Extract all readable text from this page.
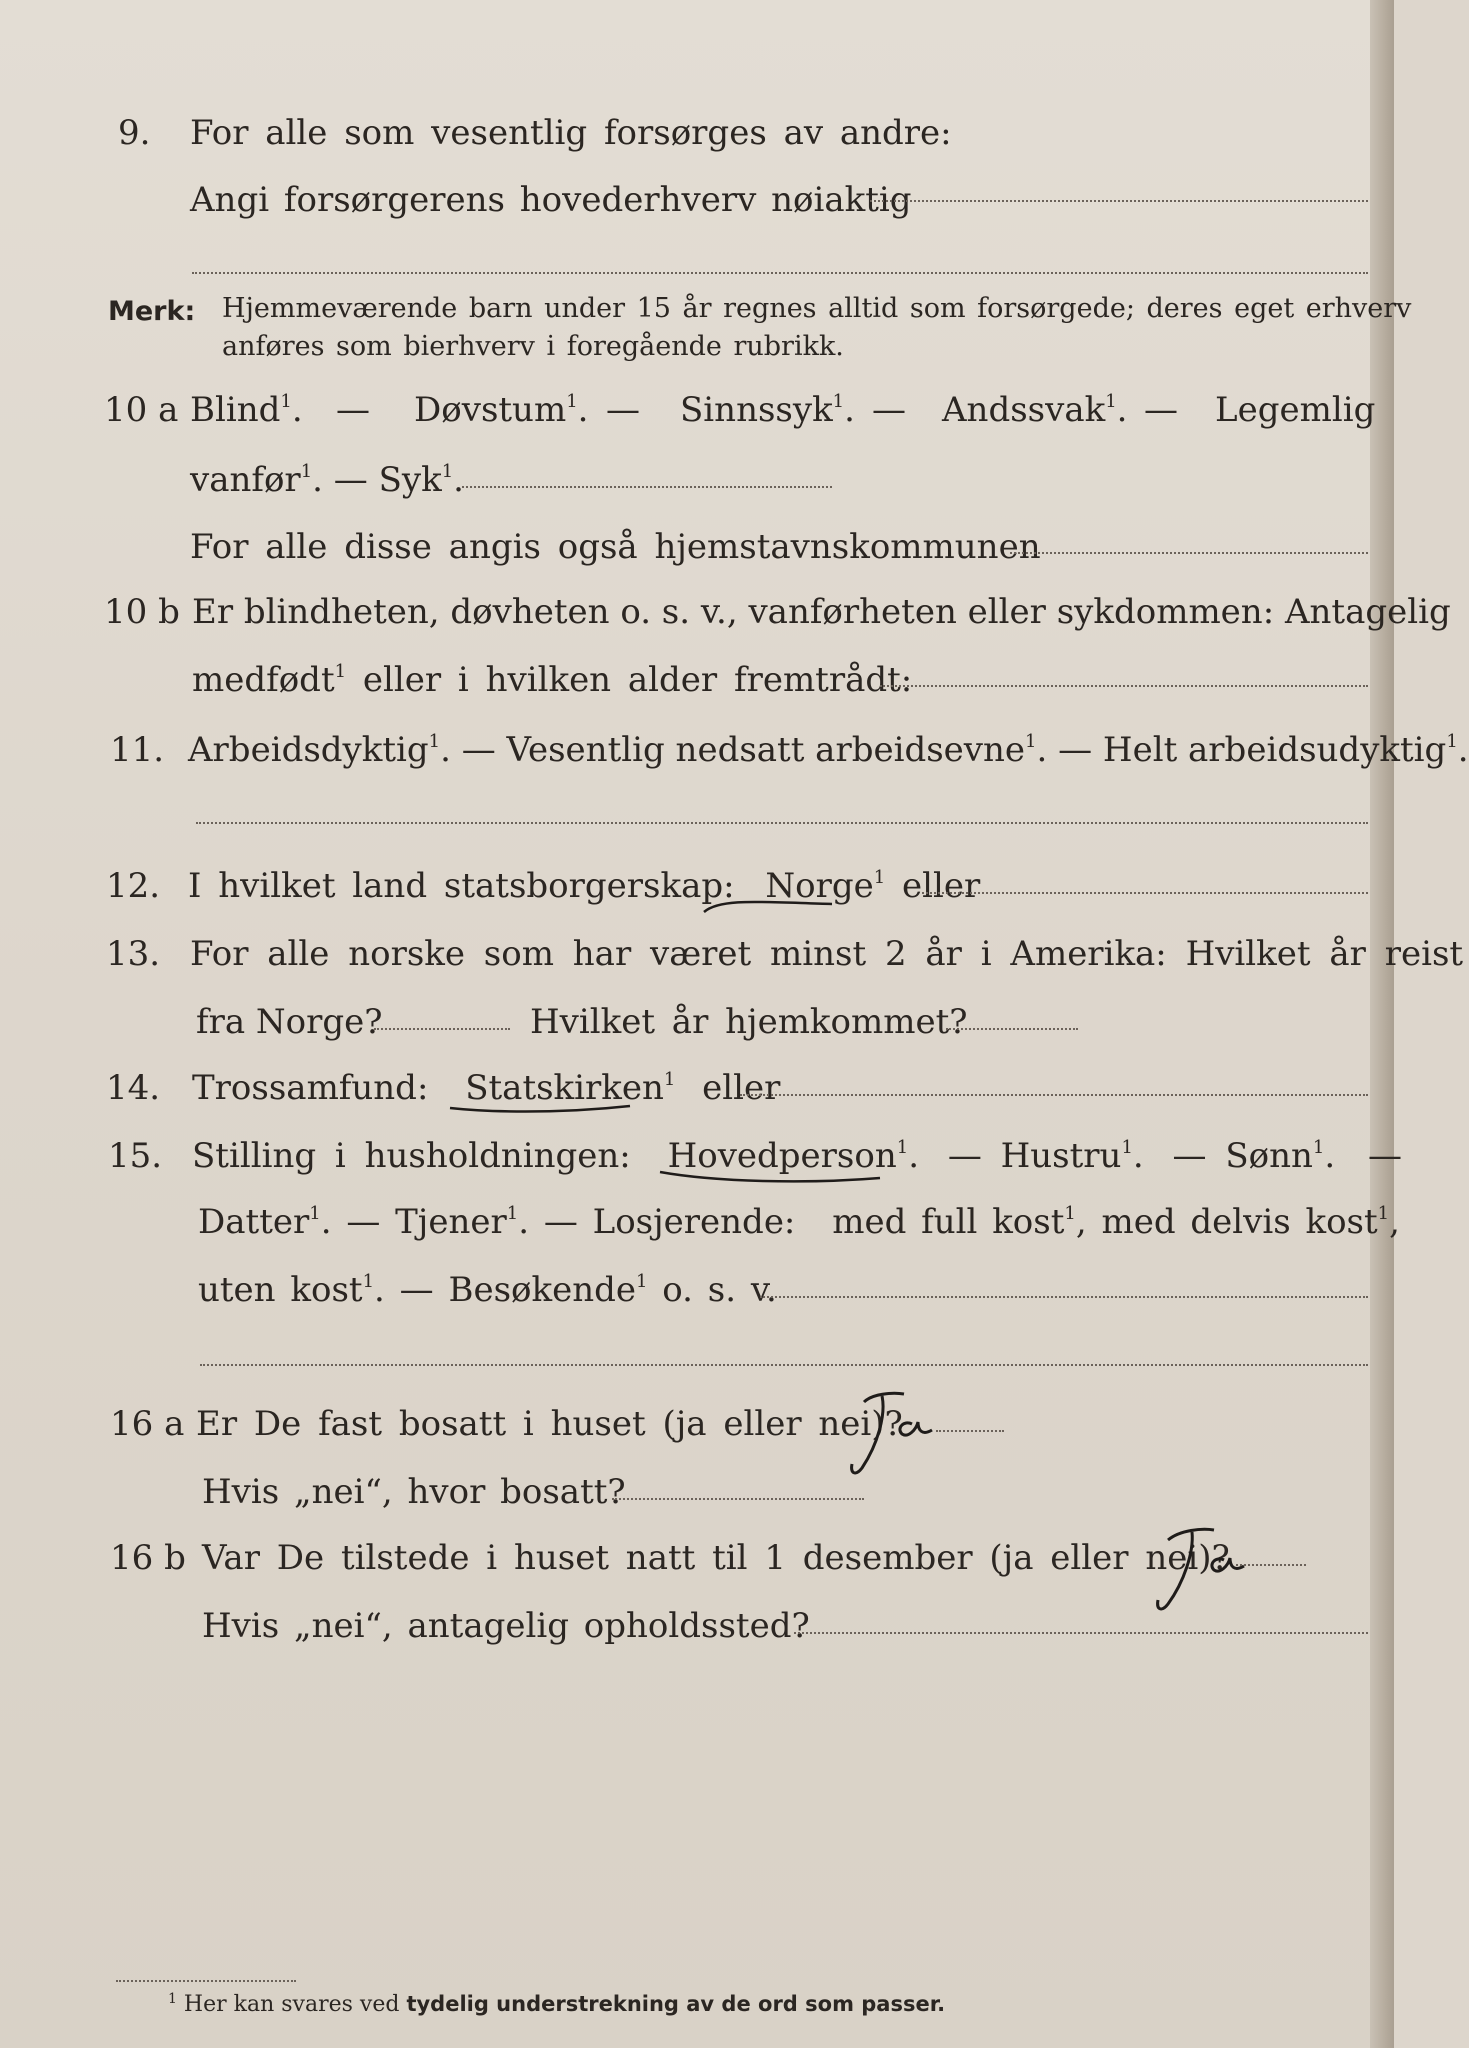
9. For alle som vesentlig forsørges av andre:
Angi forsørgerens hovederhverv nøiaktig
Merk: Hjemmeværende barn under 15 år regnes alltid som forsørgede; deres eget erhverv
anføres som bierhverv i foregående rubrikk.
10 a Blind$^1$. — Døvstum$^1$. — Sinnssyk$^1$. — Andssvak$^1$. — Legemlig
vanfør$^1$. — Syk$^1$.
For alle disse angis også hjemstavnskommunen
10 b Er blindheten, døvheten o. s. v., vanførheten eller sykdommen: Antagelig
medfødt$^1$ eller i hvilken alder fremtrådt:
11. Arbeidsdyktig$^1$. — Vesentlig nedsatt arbeidsevne$^1$. — Helt arbeidsudyktig$^1$.
12. I hvilket land statsborgerskap: Norge$^1$ eller
13. For alle norske som har været minst 2 år i Amerika: Hvilket år reist
fra Norge?	Hvilket år hjemkommet?
14. Trossamfund: Statskirken$^1$ eller
15. Stilling i husholdningen: Hovedperson$^1$. — Hustru$^1$. — Sønn$^1$. —
Datter$^1$. — Tjener$^1$. — Losjerende: med full kost$^1$, med delvis kost$^1$,
uten kost$^1$. — Besøkende$^1$ o. s. v.
16 a Er De fast bosatt i huset (ja eller nei)?
Ja
Hvis „nei“, hvor bosatt?
16 b Var De tilstede i huset natt til 1 desember (ja eller nei)?
Ja
Hvis „nei“, antagelig opholdssted?
$^1$ Her kan svares ved tydelig understrekning av de ord som passer.
